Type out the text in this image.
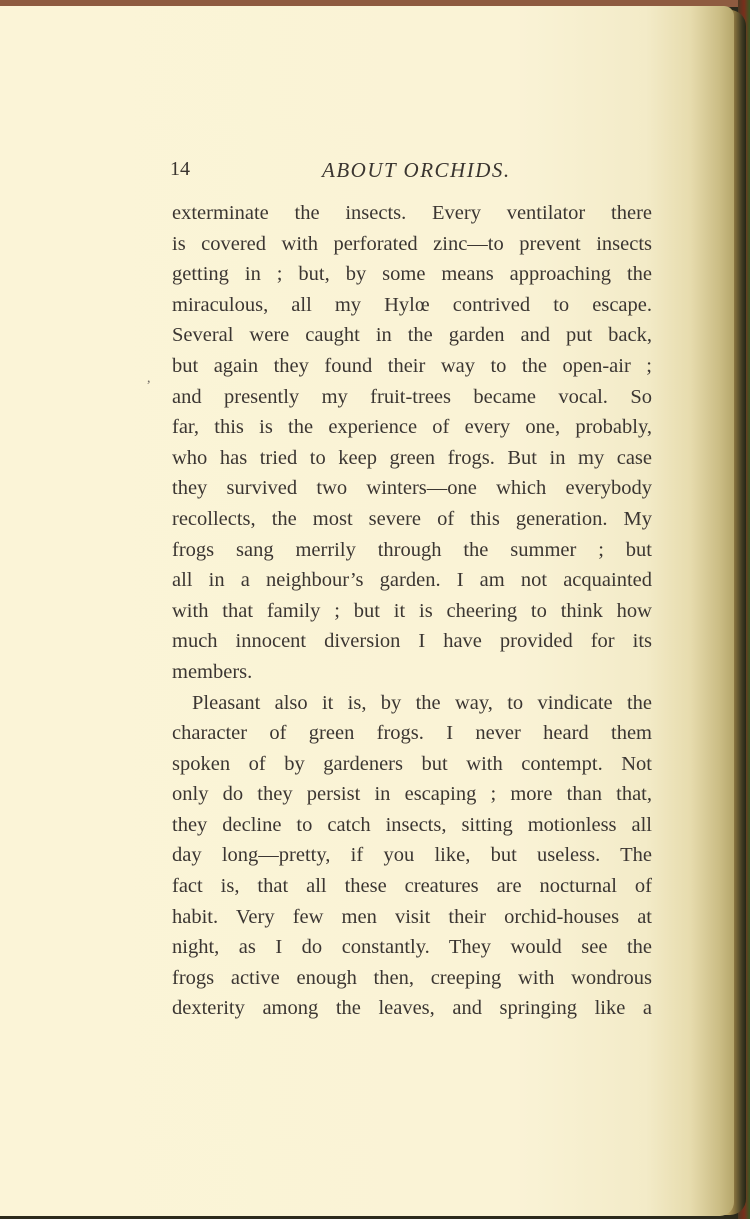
14	ABOUT ORCHIDS.
,
exterminate the insects. Every ventilator there
is covered with perforated zinc—to prevent insects
getting in ; but, by some means approaching the
miraculous, all my Hylœ contrived to escape.
Several were caught in the garden and put back,
but again they found their way to the open-air ;
and presently my fruit-trees became vocal. So
far, this is the experience of every one, probably,
who has tried to keep green frogs. But in my case
they survived two winters—one which everybody
recollects, the most severe of this generation. My
frogs sang merrily through the summer ; but
all in a neighbour’s garden. I am not acquainted
with that family ; but it is cheering to think how
much innocent diversion I have provided for its
members.
Pleasant also it is, by the way, to vindicate the
character of green frogs. I never heard them
spoken of by gardeners but with contempt. Not
only do they persist in escaping ; more than that,
they decline to catch insects, sitting motionless all
day long—pretty, if you like, but useless. The
fact is, that all these creatures are nocturnal of
habit. Very few men visit their orchid-houses at
night, as I do constantly. They would see the
frogs active enough then, creeping with wondrous
dexterity among the leaves, and springing like a
